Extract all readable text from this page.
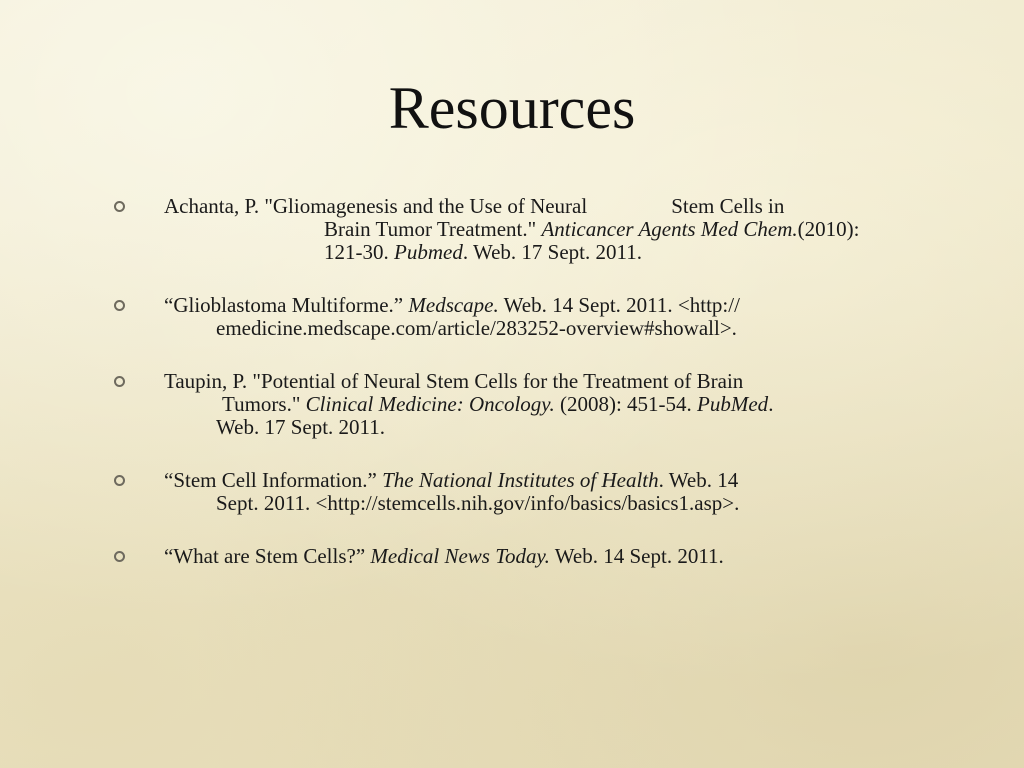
Resources
Achanta, P. "Gliomagenesis and the Use of Neural	Stem Cells in
Brain Tumor Treatment." Anticancer Agents Med Chem.(2010):
121-30. Pubmed. Web. 17 Sept. 2011.
“Glioblastoma Multiforme.” Medscape. Web. 14 Sept. 2011. <http://
emedicine.medscape.com/article/283252-overview#showall>.
Taupin, P. "Potential of Neural Stem Cells for the Treatment of Brain
Tumors." Clinical Medicine: Oncology. (2008): 451-54. PubMed.
Web. 17 Sept. 2011.
“Stem Cell Information.” The National Institutes of Health. Web. 14
Sept. 2011. <http://stemcells.nih.gov/info/basics/basics1.asp>.
“What are Stem Cells?” Medical News Today. Web. 14 Sept. 2011.
